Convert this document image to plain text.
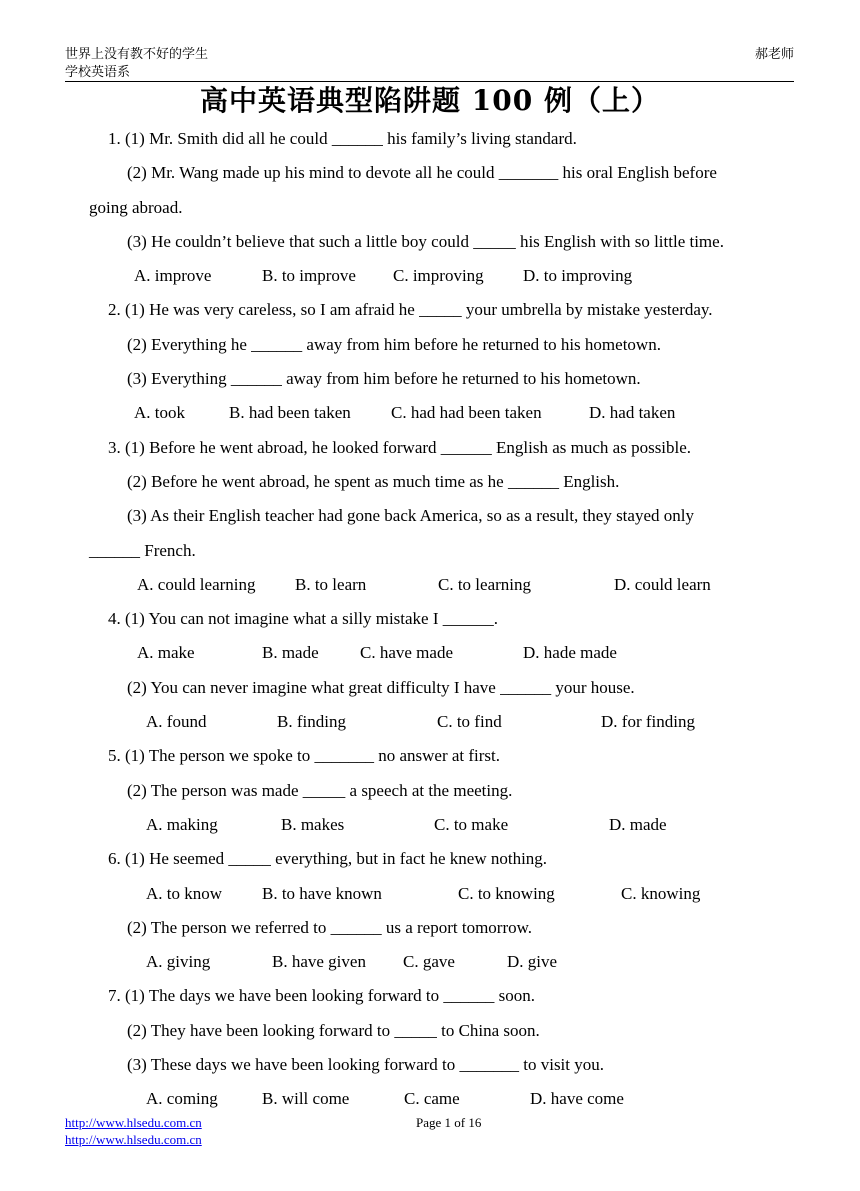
世界上没有教不好的学生
学校英语系
郝老师
高中英语典型陷阱题 100 例（上）
1. (1) Mr. Smith did all he could ______ his family’s living standard.
(2) Mr. Wang made up his mind to devote all he could _______ his oral English before
going abroad.
(3) He couldn’t believe that such a little boy could _____ his English with so little time.
A. improve	B. to improve C. improving D. to improving
2. (1) He was very careless, so I am afraid he _____ your umbrella by mistake yesterday.
(2) Everything he ______ away from him before he returned to his hometown.
(3) Everything ______ away from him before he returned to his hometown.
A. took	B. had been taken C. had had been taken	D. had taken
3. (1) Before he went abroad, he looked forward ______ English as much as possible.
(2) Before he went abroad, he spent as much time as he ______ English.
(3) As their English teacher had gone back America, so as a result, they stayed only
______ French.
A. could learning B. to learn	C. to learning	D. could learn
4. (1) You can not imagine what a silly mistake I ______.
A. make	B. made C. have made	D. hade made
(2) You can never imagine what great difficulty I have ______ your house.
A. found	B. finding	C. to find	D. for finding
5. (1) The person we spoke to _______ no answer at first.
(2) The person was made _____ a speech at the meeting.
A. making	B. makes	C. to make	D. made
6. (1) He seemed _____ everything, but in fact he knew nothing.
A. to know B. to have known	C. to knowing	C. knowing
(2) The person we referred to ______ us a report tomorrow.
A. giving	B. have given C. gave	D. give
7. (1) The days we have been looking forward to ______ soon.
(2) They have been looking forward to _____ to China soon.
(3) These days we have been looking forward to _______ to visit you.
A. coming	B. will come	C. came	D. have come
http://www.hlsedu.com.cn
http://www.hlsedu.com.cn
Page 1 of 16
